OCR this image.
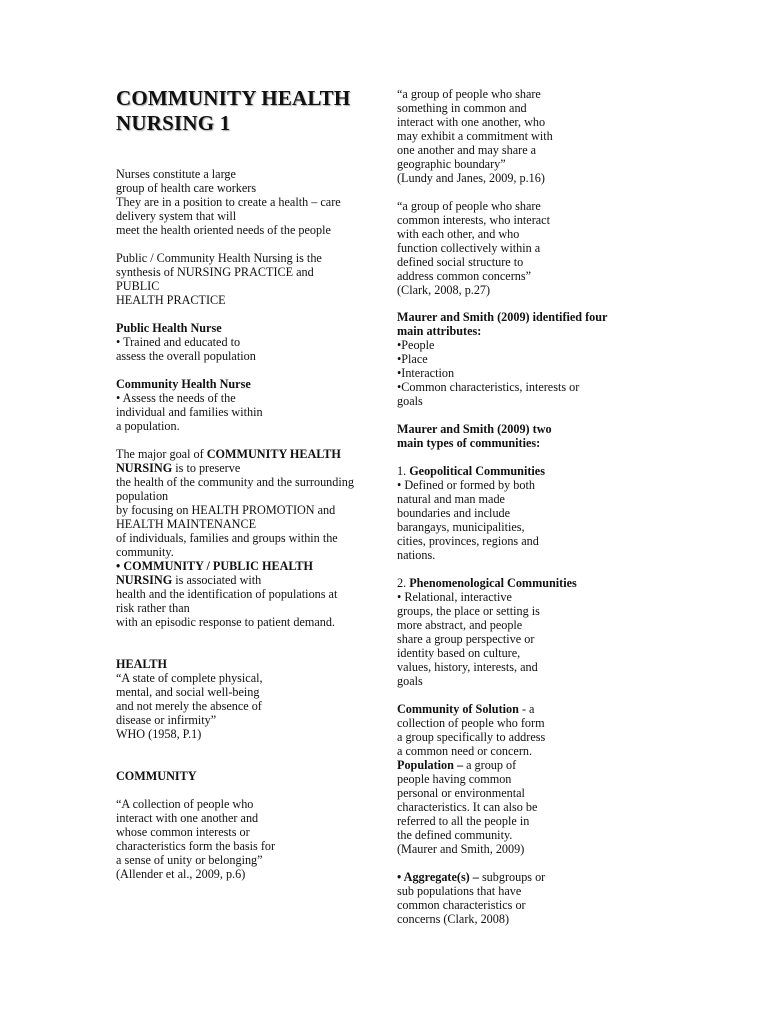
COMMUNITY HEALTH
NURSING 1
Nurses constitute a large
group of health care workers
They are in a position to create a health – care
delivery system that will
meet the health oriented needs of the people
Public / Community Health Nursing is the
synthesis of NURSING PRACTICE and
PUBLIC
HEALTH PRACTICE
Public Health Nurse
• Trained and educated to
assess the overall population
Community Health Nurse
• Assess the needs of the
individual and families within
a population.
The major goal of COMMUNITY HEALTH
NURSING is to preserve
the health of the community and the surrounding
population
by focusing on HEALTH PROMOTION and
HEALTH MAINTENANCE
of individuals, families and groups within the
community.
• COMMUNITY / PUBLIC HEALTH
NURSING is associated with
health and the identification of populations at
risk rather than
with an episodic response to patient demand.
HEALTH
“A state of complete physical,
mental, and social well-being
and not merely the absence of
disease or infirmity”
WHO (1958, P.1)
COMMUNITY
“A collection of people who
interact with one another and
whose common interests or
characteristics form the basis for
a sense of unity or belonging”
(Allender et al., 2009, p.6)
“a group of people who share
something in common and
interact with one another, who
may exhibit a commitment with
one another and may share a
geographic boundary”
(Lundy and Janes, 2009, p.16)
“a group of people who share
common interests, who interact
with each other, and who
function collectively within a
defined social structure to
address common concerns”
(Clark, 2008, p.27)
Maurer and Smith (2009) identified four
main attributes:
•People
•Place
•Interaction
•Common characteristics, interests or
goals
Maurer and Smith (2009) two
main types of communities:
1. Geopolitical Communities
• Defined or formed by both
natural and man made
boundaries and include
barangays, municipalities,
cities, provinces, regions and
nations.
2. Phenomenological Communities
• Relational, interactive
groups, the place or setting is
more abstract, and people
share a group perspective or
identity based on culture,
values, history, interests, and
goals
Community of Solution - a
collection of people who form
a group specifically to address
a common need or concern.
Population – a group of
people having common
personal or environmental
characteristics. It can also be
referred to all the people in
the defined community.
(Maurer and Smith, 2009)
• Aggregate(s) – subgroups or
sub populations that have
common characteristics or
concerns (Clark, 2008)
